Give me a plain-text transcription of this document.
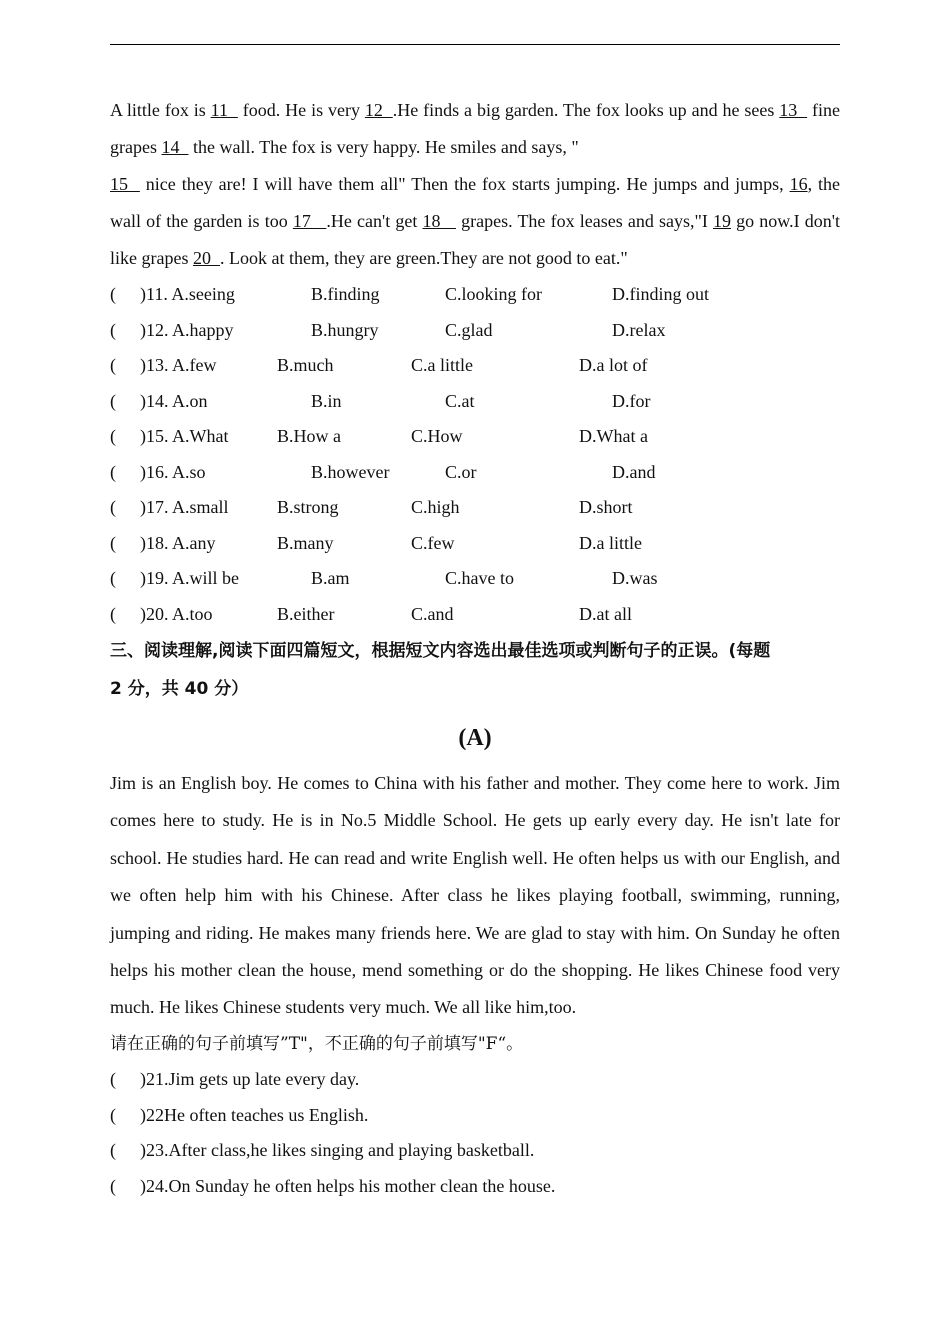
A little fox is 11   food. He is very 12  .He finds a big garden. The fox looks up and he sees 13   fine grapes 14   the wall. The fox is very happy. He smiles and says, "
15   nice they are! I will have them all" Then the fox starts jumping. He jumps and jumps, 16, the wall of the garden is too 17   .He can't get 18    grapes. The fox leases and says,"I 19 go now.I don't like grapes 20  . Look at them, they are green.They are not good to eat."

( )11. A.seeing	B.finding	C.looking for	D.finding out
( )12. A.happy	B.hungry	C.glad	D.relax
( )13. A.few	B.much	C.a little	D.a lot of
( )14. A.on	B.in	C.at	D.for
( )15. A.What	B.How a	C.How	D.What a
( )16. A.so	B.however	C.or	D.and
( )17. A.small	B.strong	C.high	D.short
( )18. A.any	B.many	C.few	D.a little
( )19. A.will be	B.am	C.have to	D.was
( )20. A.too	B.either	C.and	D.at all

三、阅读理解,阅读下面四篇短文，根据短文内容选出最佳选项或判断句子的正误。(每题
2 分，共 40 分）

(A)

Jim is an English boy. He comes to China with his father and mother. They come here to work. Jim comes here to study. He is in No.5 Middle School. He gets up early every day. He isn't late for school. He studies hard. He can read and write English well. He often helps us with our English, and we often help him with his Chinese. After class he likes playing football, swimming, running, jumping and riding. He makes many friends here. We are glad to stay with him. On Sunday he often helps his mother clean the house, mend something or do the shopping. He likes Chinese food very much. He likes Chinese students very much. We all like him,too.

请在正确的句子前填写”T"，不正确的句子前填写"F“。

( )21.Jim gets up late every day.
( )22He often teaches us English.
( )23.After class,he likes singing and playing basketball.
( )24.On Sunday he often helps his mother clean the house.
